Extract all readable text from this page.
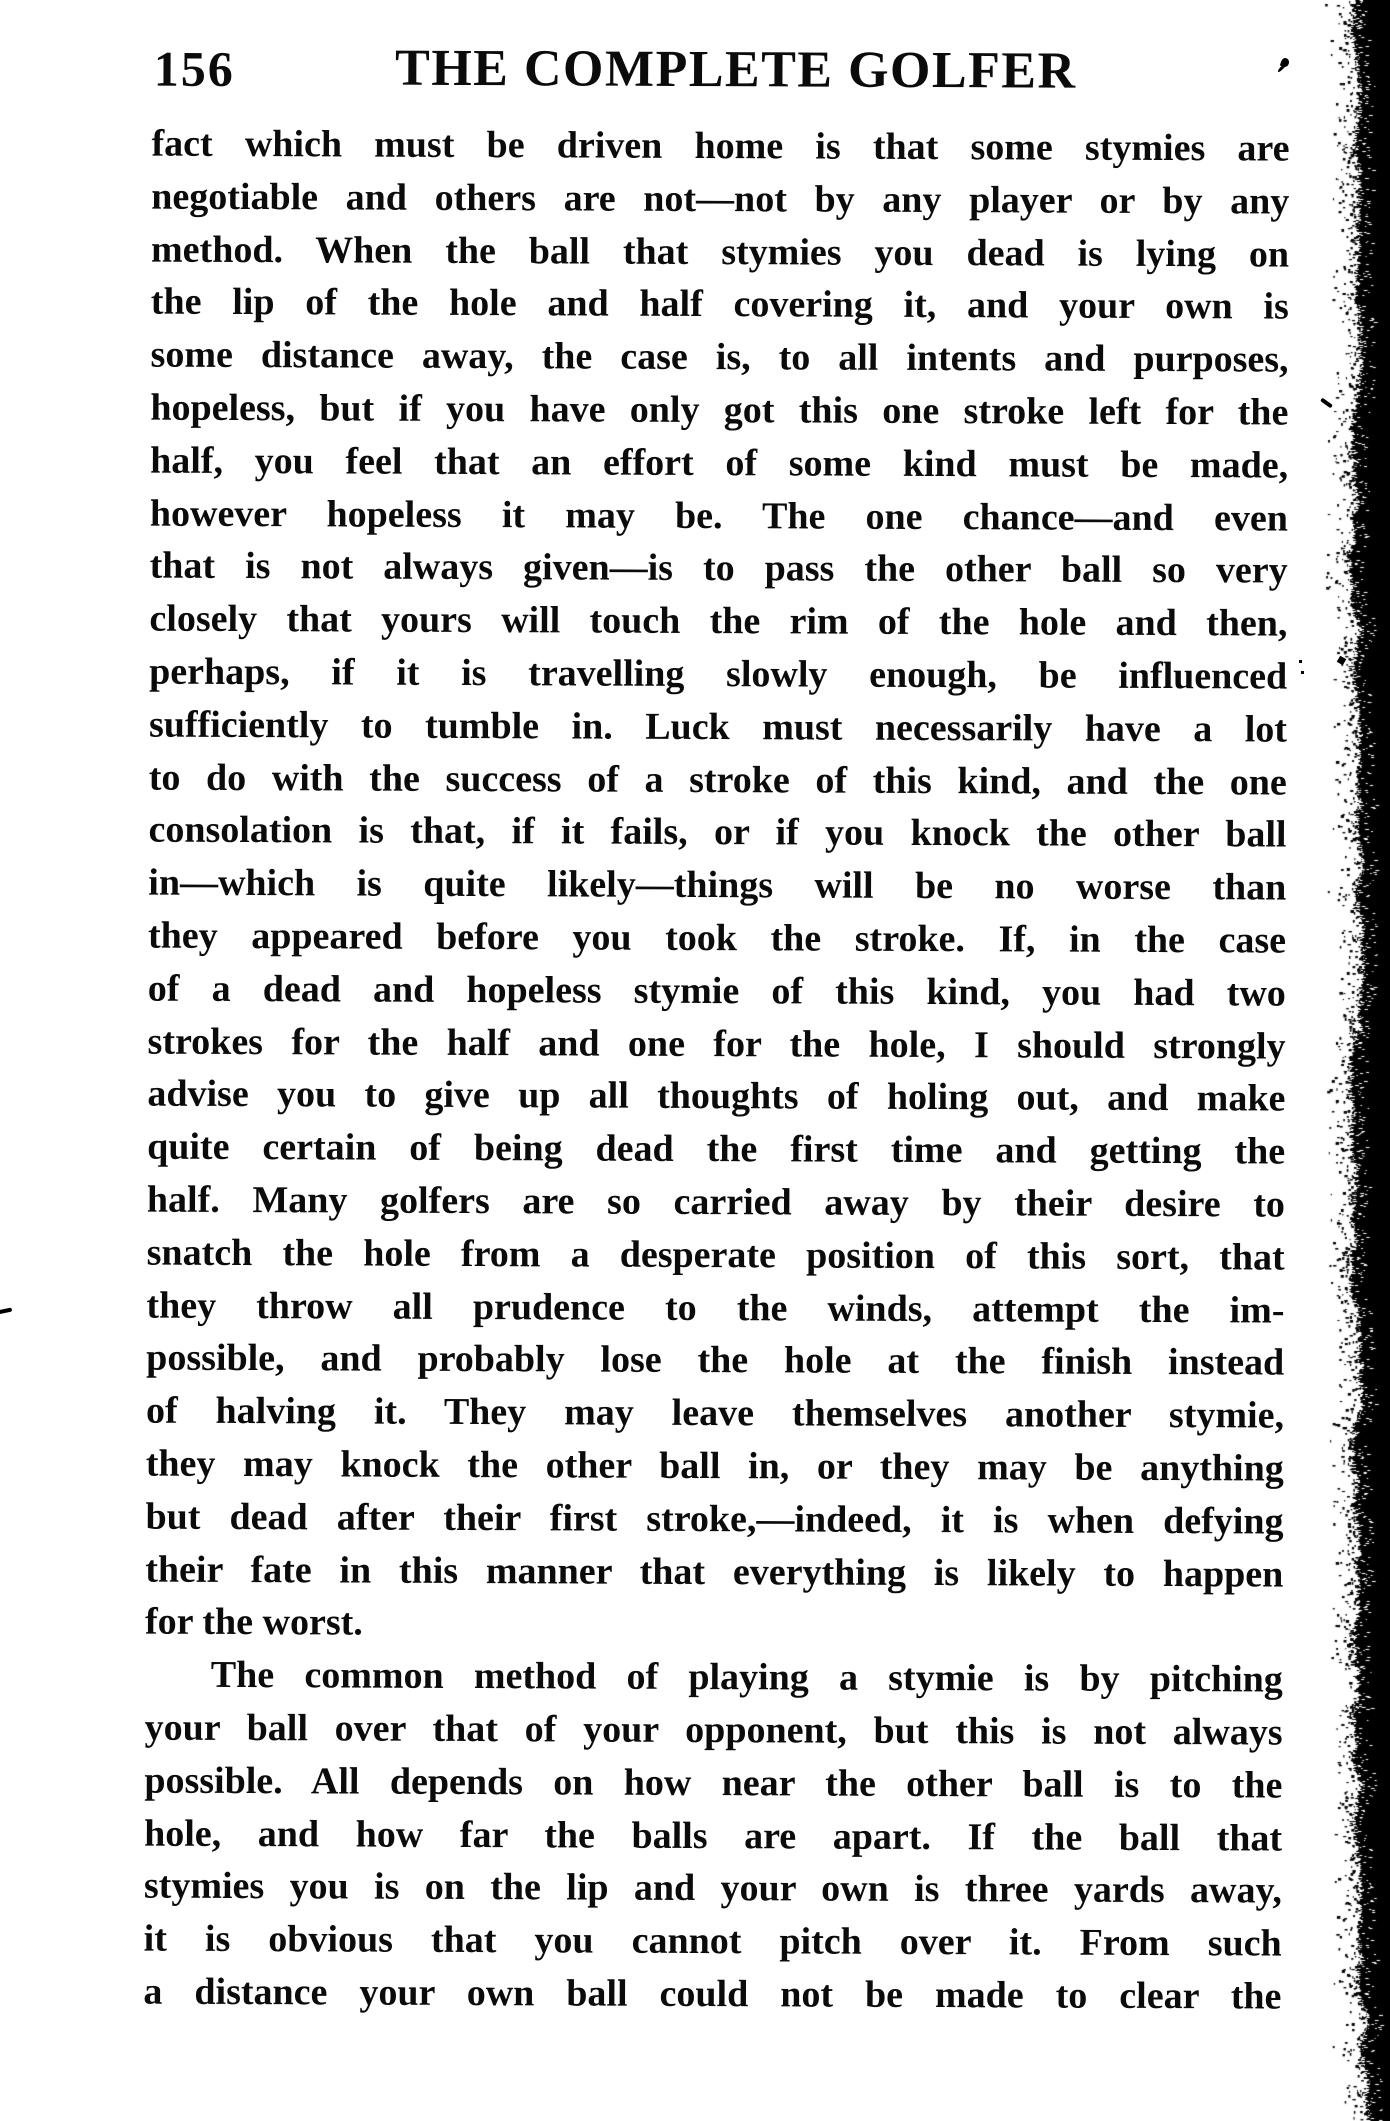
156	THE COMPLETE GOLFER
fact which must be driven home is that some stymies are
negotiable and others are not—not by any player or by any
method. When the ball that stymies you dead is lying on
the lip of the hole and half covering it, and your own is
some distance away, the case is, to all intents and purposes,
hopeless, but if you have only got this one stroke left for the
half, you feel that an effort of some kind must be made,
however hopeless it may be. The one chance—and even
that is not always given—is to pass the other ball so very
closely that yours will touch the rim of the hole and then,
perhaps, if it is travelling slowly enough, be influenced
sufficiently to tumble in. Luck must necessarily have a lot
to do with the success of a stroke of this kind, and the one
consolation is that, if it fails, or if you knock the other ball
in—which is quite likely—things will be no worse than
they appeared before you took the stroke. If, in the case
of a dead and hopeless stymie of this kind, you had two
strokes for the half and one for the hole, I should strongly
advise you to give up all thoughts of holing out, and make
quite certain of being dead the first time and getting the
half. Many golfers are so carried away by their desire to
snatch the hole from a desperate position of this sort, that
they throw all prudence to the winds, attempt the im-
possible, and probably lose the hole at the finish instead
of halving it. They may leave themselves another stymie,
they may knock the other ball in, or they may be anything
but dead after their first stroke,—indeed, it is when defying
their fate in this manner that everything is likely to happen
for the worst.
The common method of playing a stymie is by pitching
your ball over that of your opponent, but this is not always
possible. All depends on how near the other ball is to the
hole, and how far the balls are apart. If the ball that
stymies you is on the lip and your own is three yards away,
it is obvious that you cannot pitch over it. From such
a distance your own ball could not be made to clear the
